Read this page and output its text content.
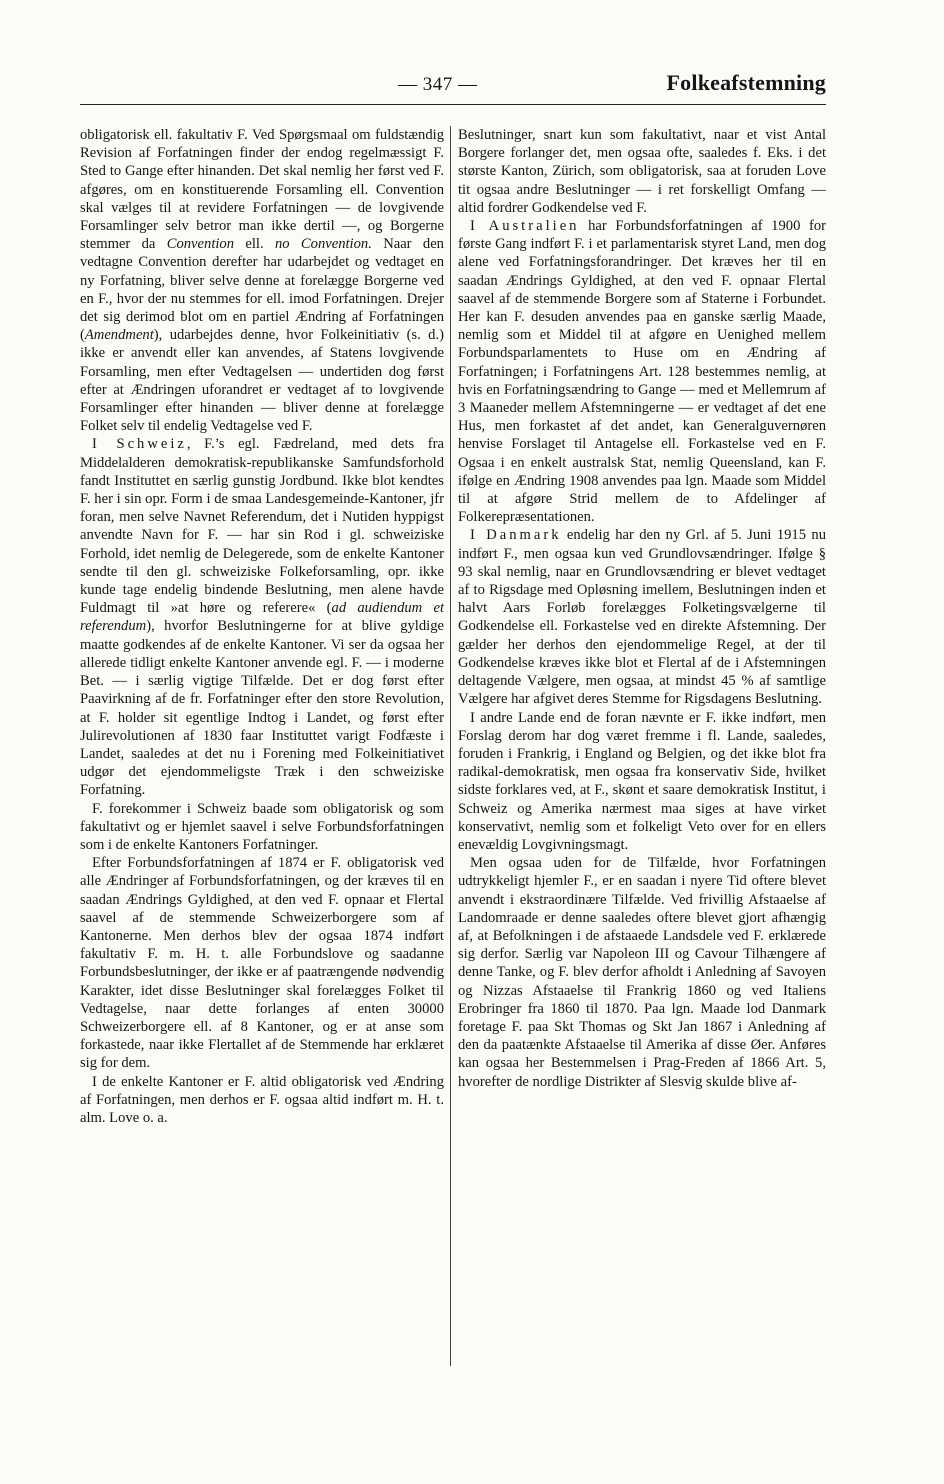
— 347 —	Folkeafstemning

obligatorisk ell. fakultativ F. Ved Spørgsmaal om fuldstændig Revision af Forfatningen finder der endog regelmæssigt F. Sted to Gange efter hinanden. Det skal nemlig her først ved F. afgøres, om en konstituerende Forsamling ell. Convention skal vælges til at revidere Forfatningen — de lovgivende Forsamlinger selv betror man ikke dertil —, og Borgerne stemmer da Convention ell. no Convention. Naar den vedtagne Convention derefter har udarbejdet og vedtaget en ny Forfatning, bliver selve denne at forelægge Borgerne ved en F., hvor der nu stemmes for ell. imod Forfatningen. Drejer det sig derimod blot om en partiel Ændring af Forfatningen (Amendment), udarbejdes denne, hvor Folkeinitiativ (s. d.) ikke er anvendt eller kan anvendes, af Statens lovgivende Forsamling, men efter Vedtagelsen — undertiden dog først efter at Ændringen uforandret er vedtaget af to lovgivende Forsamlinger efter hinanden — bliver denne at forelægge Folket selv til endelig Vedtagelse ved F.

I Schweiz, F.’s egl. Fædreland, med dets fra Middelalderen demokratisk-republikanske Samfundsforhold fandt Instituttet en særlig gunstig Jordbund. Ikke blot kendtes F. her i sin opr. Form i de smaa Landesgemeinde-Kantoner, jfr foran, men selve Navnet Referendum, det i Nutiden hyppigst anvendte Navn for F. — har sin Rod i gl. schweiziske Forhold, idet nemlig de Delegerede, som de enkelte Kantoner sendte til den gl. schweiziske Folkeforsamling, opr. ikke kunde tage endelig bindende Beslutning, men alene havde Fuldmagt til »at høre og referere« (ad audiendum et referendum), hvorfor Beslutningerne for at blive gyldige maatte godkendes af de enkelte Kantoner. Vi ser da ogsaa her allerede tidligt enkelte Kantoner anvende egl. F. — i moderne Bet. — i særlig vigtige Tilfælde. Det er dog først efter Paavirkning af de fr. Forfatninger efter den store Revolution, at F. holder sit egentlige Indtog i Landet, og først efter Julirevolutionen af 1830 faar Instituttet varigt Fodfæste i Landet, saaledes at det nu i Forening med Folkeinitiativet udgør det ejendommeligste Træk i den schweiziske Forfatning.

F. forekommer i Schweiz baade som obligatorisk og som fakultativt og er hjemlet saavel i selve Forbundsforfatningen som i de enkelte Kantoners Forfatninger.

Efter Forbundsforfatningen af 1874 er F. obligatorisk ved alle Ændringer af Forbundsforfatningen, og der kræves til en saadan Ændrings Gyldighed, at den ved F. opnaar et Flertal saavel af de stemmende Schweizerborgere som af Kantonerne. Men derhos blev der ogsaa 1874 indført fakultativ F. m. H. t. alle Forbundslove og saadanne Forbundsbeslutninger, der ikke er af paatrængende nødvendig Karakter, idet disse Beslutninger skal forelægges Folket til Vedtagelse, naar dette forlanges af enten 30000 Schweizerborgere ell. af 8 Kantoner, og er at anse som forkastede, naar ikke Flertallet af de Stemmende har erklæret sig for dem.

I de enkelte Kantoner er F. altid obligatorisk ved Ændring af Forfatningen, men derhos er F. ogsaa altid indført m. H. t. alm. Love o. a.

Beslutninger, snart kun som fakultativt, naar et vist Antal Borgere forlanger det, men ogsaa ofte, saaledes f. Eks. i det største Kanton, Zürich, som obligatorisk, saa at foruden Love tit ogsaa andre Beslutninger — i ret forskelligt Omfang — altid fordrer Godkendelse ved F.

I Australien har Forbundsforfatningen af 1900 for første Gang indført F. i et parlamentarisk styret Land, men dog alene ved Forfatningsforandringer. Det kræves her til en saadan Ændrings Gyldighed, at den ved F. opnaar Flertal saavel af de stemmende Borgere som af Staterne i Forbundet. Her kan F. desuden anvendes paa en ganske særlig Maade, nemlig som et Middel til at afgøre en Uenighed mellem Forbundsparlamentets to Huse om en Ændring af Forfatningen; i Forfatningens Art. 128 bestemmes nemlig, at hvis en Forfatningsændring to Gange — med et Mellemrum af 3 Maaneder mellem Afstemningerne — er vedtaget af det ene Hus, men forkastet af det andet, kan Generalguvernøren henvise Forslaget til Antagelse ell. Forkastelse ved en F. Ogsaa i en enkelt australsk Stat, nemlig Queensland, kan F. ifølge en Ændring 1908 anvendes paa lgn. Maade som Middel til at afgøre Strid mellem de to Afdelinger af Folkerepræsentationen.

I Danmark endelig har den ny Grl. af 5. Juni 1915 nu indført F., men ogsaa kun ved Grundlovsændringer. Ifølge § 93 skal nemlig, naar en Grundlovsændring er blevet vedtaget af to Rigsdage med Opløsning imellem, Beslutningen inden et halvt Aars Forløb forelægges Folketingsvælgerne til Godkendelse ell. Forkastelse ved en direkte Afstemning. Der gælder her derhos den ejendommelige Regel, at der til Godkendelse kræves ikke blot et Flertal af de i Afstemningen deltagende Vælgere, men ogsaa, at mindst 45 % af samtlige Vælgere har afgivet deres Stemme for Rigsdagens Beslutning.

I andre Lande end de foran nævnte er F. ikke indført, men Forslag derom har dog været fremme i fl. Lande, saaledes, foruden i Frankrig, i England og Belgien, og det ikke blot fra radikal-demokratisk, men ogsaa fra konservativ Side, hvilket sidste forklares ved, at F., skønt et saare demokratisk Institut, i Schweiz og Amerika nærmest maa siges at have virket konservativt, nemlig som et folkeligt Veto over for en ellers enevældig Lovgivningsmagt.

Men ogsaa uden for de Tilfælde, hvor Forfatningen udtrykkeligt hjemler F., er en saadan i nyere Tid oftere blevet anvendt i ekstraordinære Tilfælde. Ved frivillig Afstaaelse af Landomraade er denne saaledes oftere blevet gjort afhængig af, at Befolkningen i de afstaaede Landsdele ved F. erklærede sig derfor. Særlig var Napoleon III og Cavour Tilhængere af denne Tanke, og F. blev derfor afholdt i Anledning af Savoyen og Nizzas Afstaaelse til Frankrig 1860 og ved Italiens Erobringer fra 1860 til 1870. Paa lgn. Maade lod Danmark foretage F. paa Skt Thomas og Skt Jan 1867 i Anledning af den da paatænkte Afstaaelse til Amerika af disse Øer. Anføres kan ogsaa her Bestemmelsen i Prag-Freden af 1866 Art. 5, hvorefter de nordlige Distrikter af Slesvig skulde blive af-
